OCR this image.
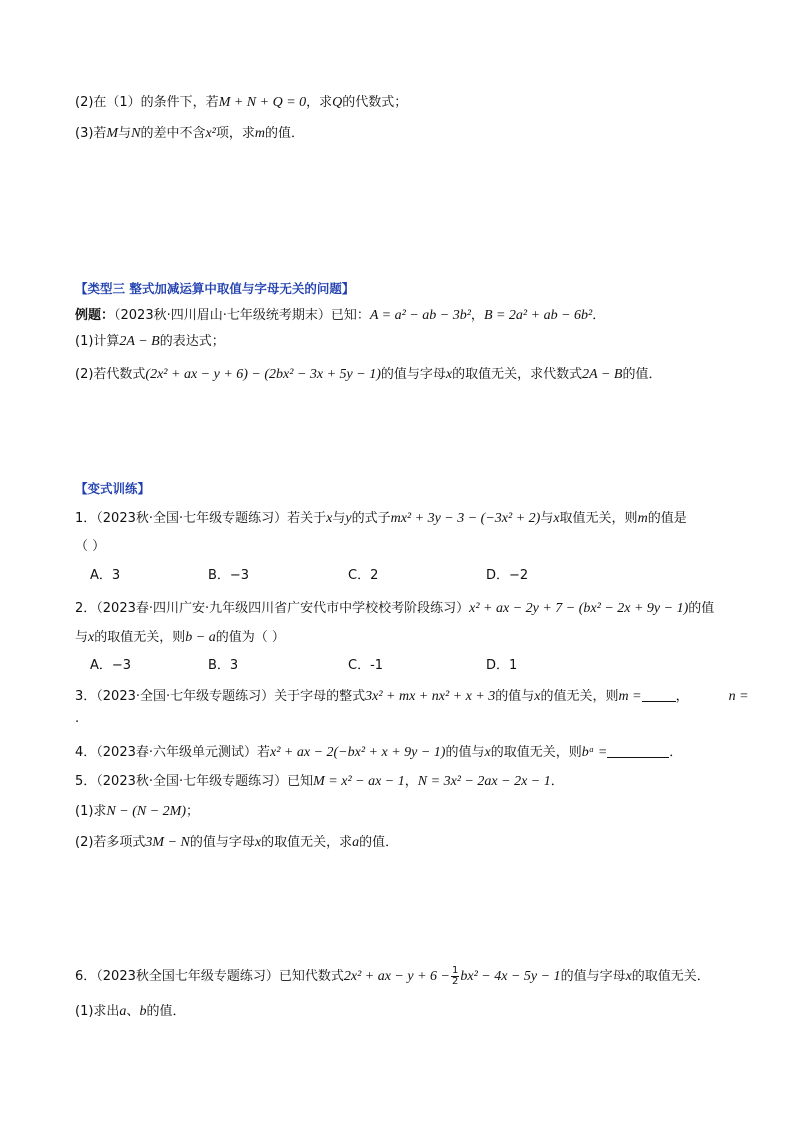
(2)在（1）的条件下，若M + N + Q = 0，求Q的代数式；
(3)若M与N的差中不含x²项，求m的值．
【类型三 整式加减运算中取值与字母无关的问题】
例题：（2023秋·四川眉山·七年级统考期末）已知：A = a² − ab − 3b²，B = 2a² + ab − 6b²．
(1)计算2A − B的表达式；
(2)若代数式(2x² + ax − y + 6) − (2bx² − 3x + 5y − 1)的值与字母x的取值无关，求代数式2A − B的值．
【变式训练】
1．（2023秋·全国·七年级专题练习）若关于x与y的式子mx² + 3y − 3 − (−3x² + 2)与x取值无关，则m的值是
（ ）
A．3	B．−3	C．2	D．−2
2．（2023春·四川广安·九年级四川省广安代市中学校校考阶段练习）x² + ax − 2y + 7 − (bx² − 2x + 9y − 1)的值
与x的取值无关，则b − a的值为（ ）
A．−3	B．3	C．-1	D．1
3．（2023·全国·七年级专题练习）关于字母的整式3x² + mx + nx² + x + 3的值与x的值无关，则m =	，	n =
.
4．（2023春·六年级单元测试）若x² + ax − 2(−bx² + x + 9y − 1)的值与x的取值无关，则bᵃ =	．
5．（2023秋·全国·七年级专题练习）已知M = x² − ax − 1，N = 3x² − 2ax − 2x − 1．
(1)求N − (N − 2M)；
(2)若多项式3M − N的值与字母x的取值无关，求a的值．
6．（2023秋全国七年级专题练习）已知代数式2x² + ax − $y + 6 - \frac{1}{2} bx^2 - 4x - 5y - 1$的值与字母x的取值无关．
(1)求出a、b的值．
